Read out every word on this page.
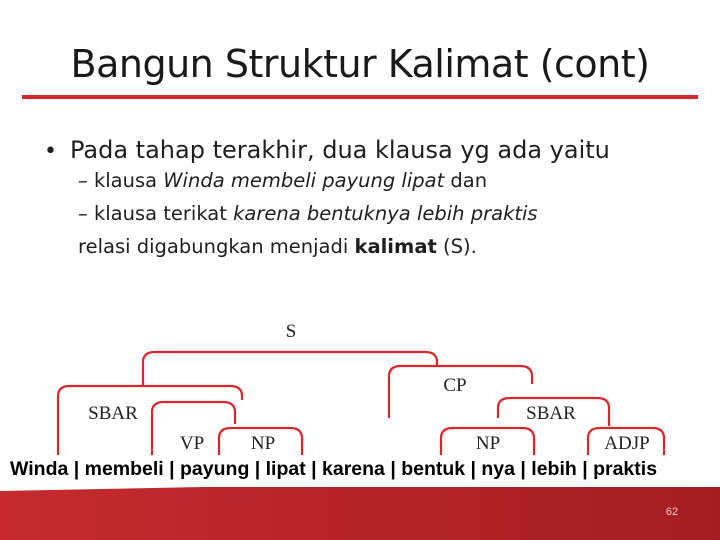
Bangun Struktur Kalimat (cont)
• Pada tahap terakhir, dua klausa yg ada yaitu
– klausa Winda membeli payung lipat dan
– klausa terikat karena bentuknya lebih praktis
relasi digabungkan menjadi kalimat (S).
S
CP
SBAR	SBAR
VP NP	NP	ADJP
Winda | membeli | payung | lipat | karena | bentuk | nya | lebih | praktis
62
